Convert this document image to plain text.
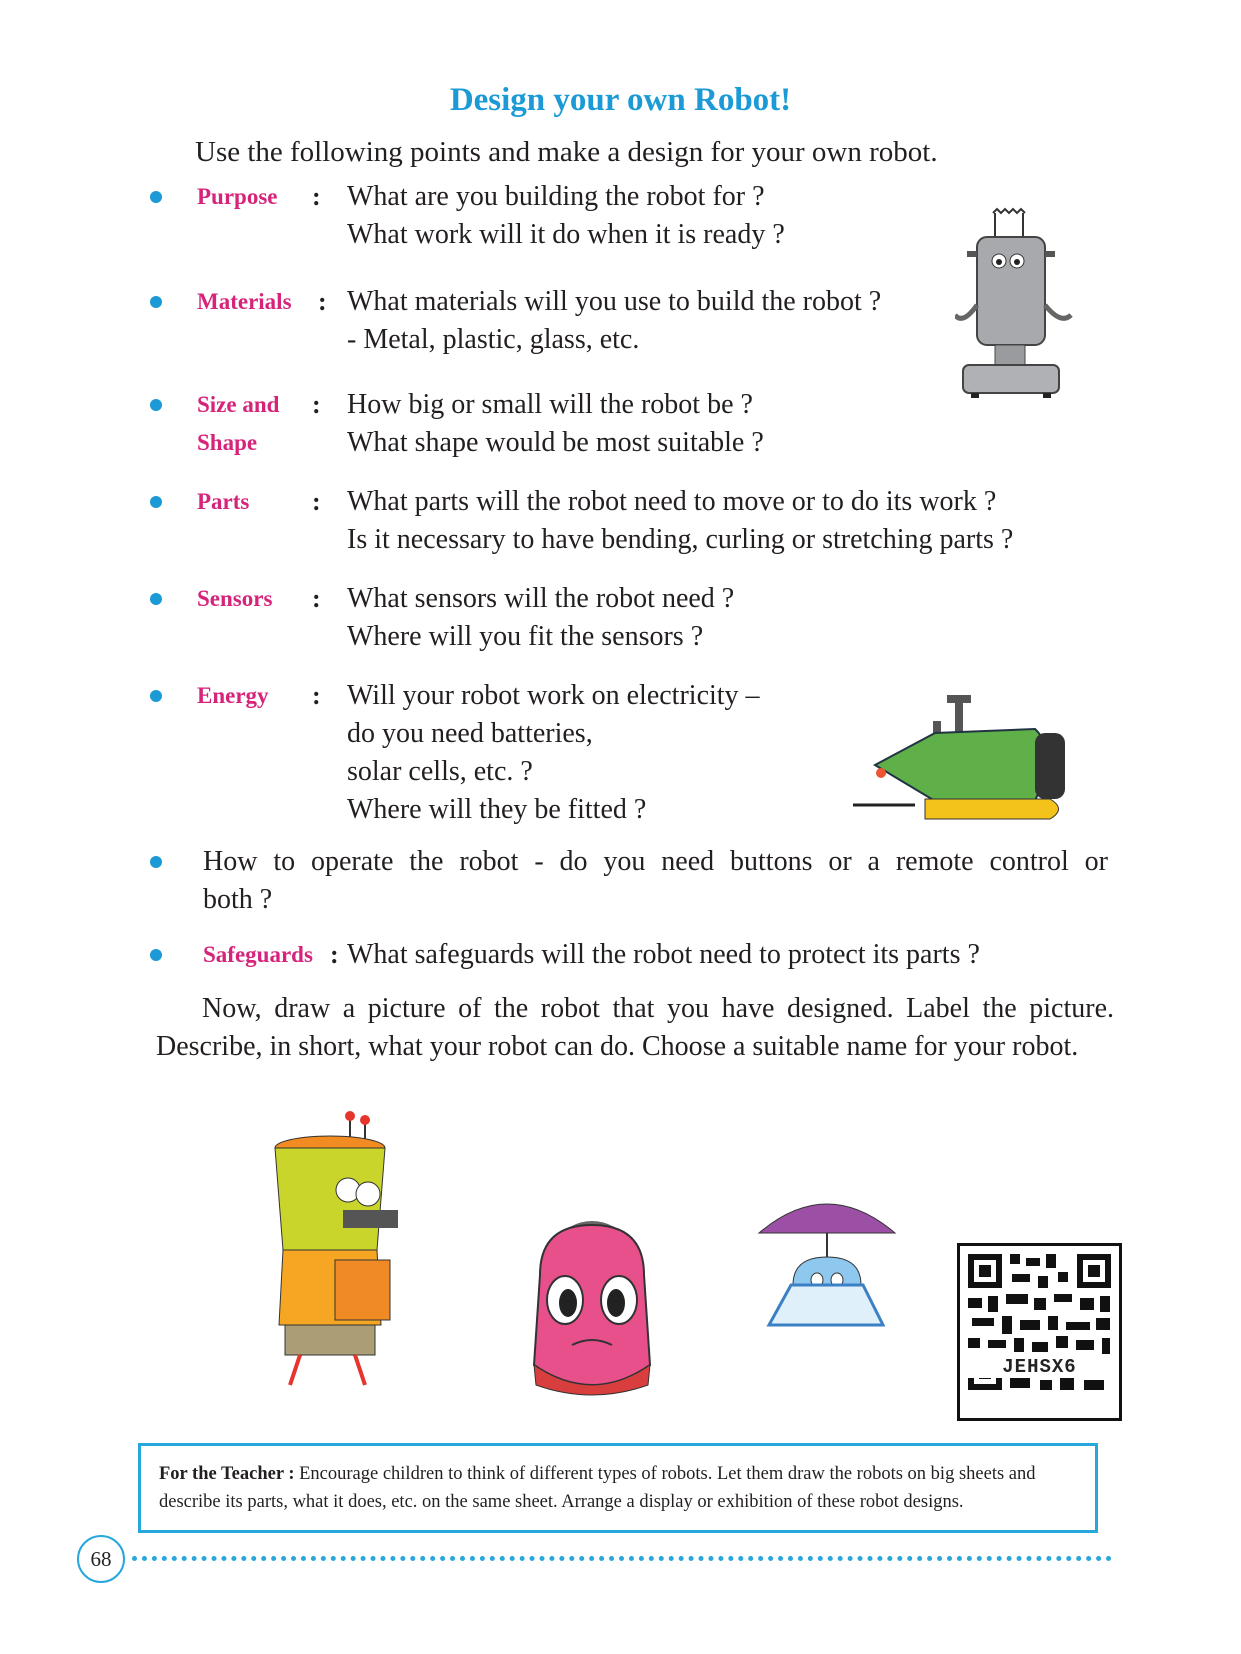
Design your own Robot!
Use the following points and make a design for your own robot.
Purpose : What are you building the robot for ?
What work will it do when it is ready ?
Materials : What materials will you use to build the robot ?
- Metal, plastic, glass, etc.
Size and
Shape
: How big or small will the robot be ?
What shape would be most suitable ?
Parts : What parts will the robot need to move or to do its work ?
Is it necessary to have bending, curling or stretching parts ?
Sensors : What sensors will the robot need ?
Where will you fit the sensors ?
Energy : Will your robot work on electricity –
do you need batteries,
solar cells, etc. ?
Where will they be fitted ?
How to operate the robot - do you need buttons or a remote control or
both ?
Safeguards : What safeguards will the robot need to protect its parts ?
Now, draw a picture of the robot that you have designed. Label the picture. Describe, in short, what your robot can do. Choose a suitable name for your robot.
JEHSX6
For the Teacher : Encourage children to think of different types of robots. Let them draw the robots on big sheets and describe its parts, what it does, etc. on the same sheet. Arrange a display or exhibition of these robot designs.
68
